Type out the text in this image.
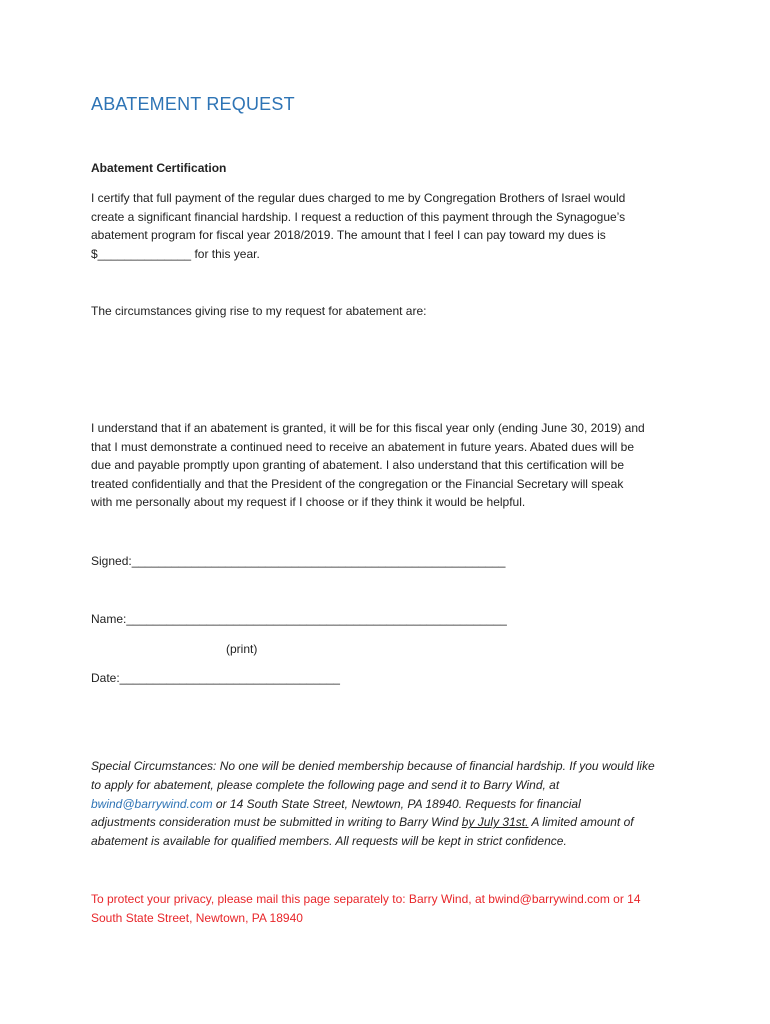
ABATEMENT REQUEST
Abatement Certification
I certify that full payment of the regular dues charged to me by Congregation Brothers of Israel would
create a significant financial hardship. I request a reduction of this payment through the Synagogue’s
abatement program for fiscal year 2018/2019. The amount that I feel I can pay toward my dues is
$______________ for this year.
The circumstances giving rise to my request for abatement are:
I understand that if an abatement is granted, it will be for this fiscal year only (ending June 30, 2019) and
that I must demonstrate a continued need to receive an abatement in future years. Abated dues will be
due and payable promptly upon granting of abatement. I also understand that this certification will be
treated confidentially and that the President of the congregation or the Financial Secretary will speak
with me personally about my request if I choose or if they think it would be helpful.
Signed:________________________________________________________
Name:_________________________________________________________
(print)
Date:_________________________________
Special Circumstances: No one will be denied membership because of financial hardship. If you would like
to apply for abatement, please complete the following page and send it to Barry Wind, at
bwind@barrywind.com or 14 South State Street, Newtown, PA 18940. Requests for financial
adjustments consideration must be submitted in writing to Barry Wind by July 31st. A limited amount of
abatement is available for qualified members. All requests will be kept in strict confidence.
To protect your privacy, please mail this page separately to: Barry Wind, at bwind@barrywind.com or 14
South State Street, Newtown, PA 18940
